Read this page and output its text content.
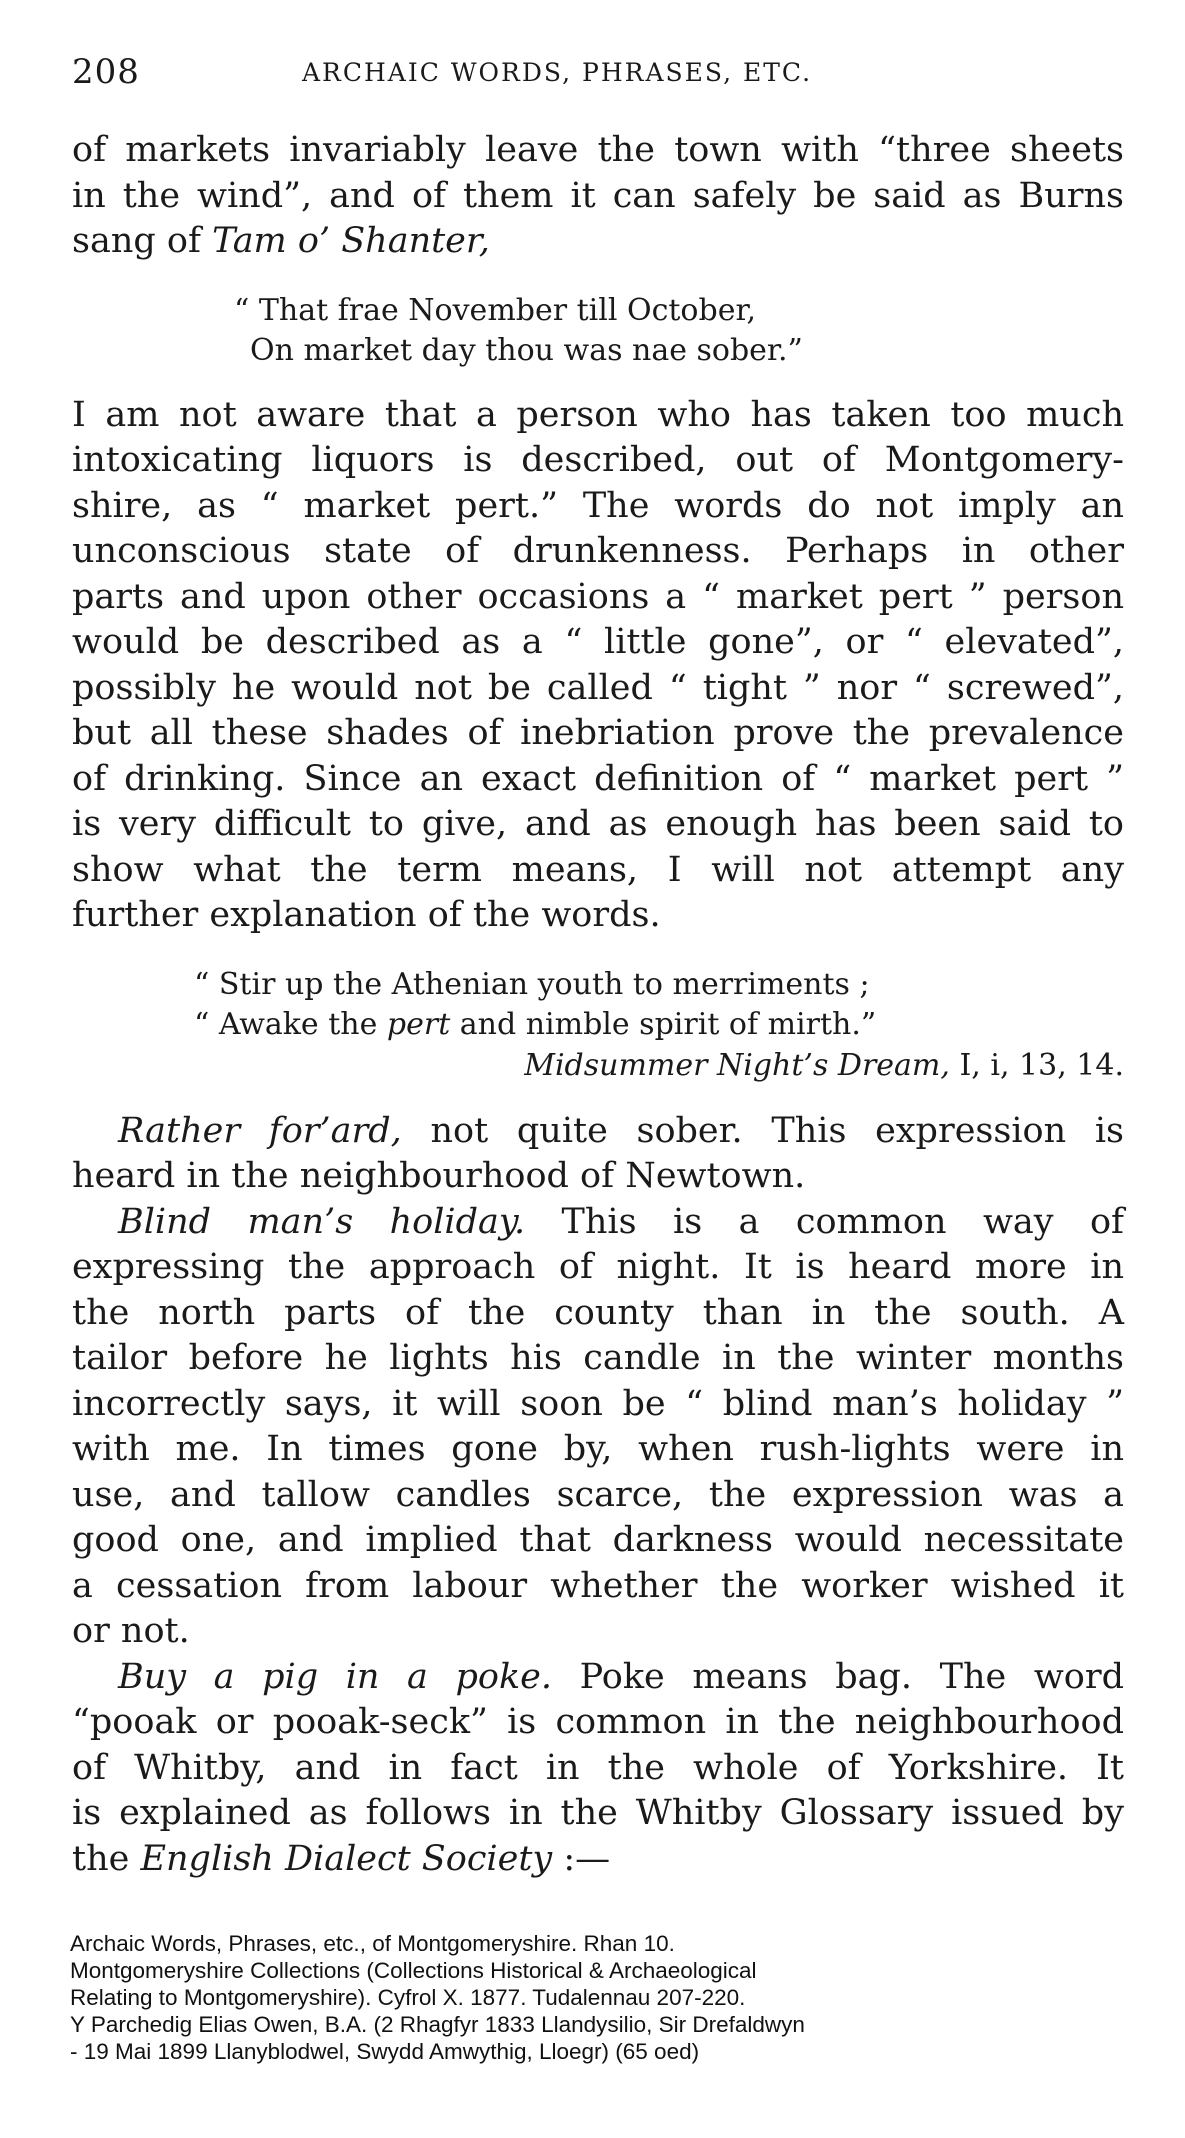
208	ARCHAIC WORDS, PHRASES, ETC.

of markets invariably leave the town with “three sheets
in the wind”, and of them it can safely be said as Burns
sang of Tam o’ Shanter,

“ That frae November till October,
On market day thou was nae sober.”

I am not aware that a person who has taken too much
intoxicating liquors is described, out of Montgomery-
shire, as “ market pert.” The words do not imply an
unconscious state of drunkenness. Perhaps in other
parts and upon other occasions a “ market pert ” person
would be described as a “ little gone”, or “ elevated”,
possibly he would not be called “ tight ” nor “ screwed”,
but all these shades of inebriation prove the prevalence
of drinking. Since an exact definition of “ market pert ”
is very difficult to give, and as enough has been said to
show what the term means, I will not attempt any
further explanation of the words.

“ Stir up the Athenian youth to merriments ;
“ Awake the pert and nimble spirit of mirth.”
Midsummer Night’s Dream, I, i, 13, 14.

Rather for’ard, not quite sober. This expression is
heard in the neighbourhood of Newtown.

Blind man’s holiday. This is a common way of
expressing the approach of night. It is heard more in
the north parts of the county than in the south. A
tailor before he lights his candle in the winter months
incorrectly says, it will soon be “ blind man’s holiday ”
with me. In times gone by, when rush-lights were in
use, and tallow candles scarce, the expression was a
good one, and implied that darkness would necessitate
a cessation from labour whether the worker wished it
or not.

Buy a pig in a poke. Poke means bag. The word
“pooak or pooak-seck” is common in the neighbourhood
of Whitby, and in fact in the whole of Yorkshire. It
is explained as follows in the Whitby Glossary issued by
the English Dialect Society :—

Archaic Words, Phrases, etc., of Montgomeryshire. Rhan 10.
Montgomeryshire Collections (Collections Historical & Archaeological
Relating to Montgomeryshire). Cyfrol X. 1877. Tudalennau 207-220.
Y Parchedig Elias Owen, B.A. (2 Rhagfyr 1833 Llandysilio, Sir Drefaldwyn
- 19 Mai 1899 Llanyblodwel, Swydd Amwythig, Lloegr) (65 oed)
